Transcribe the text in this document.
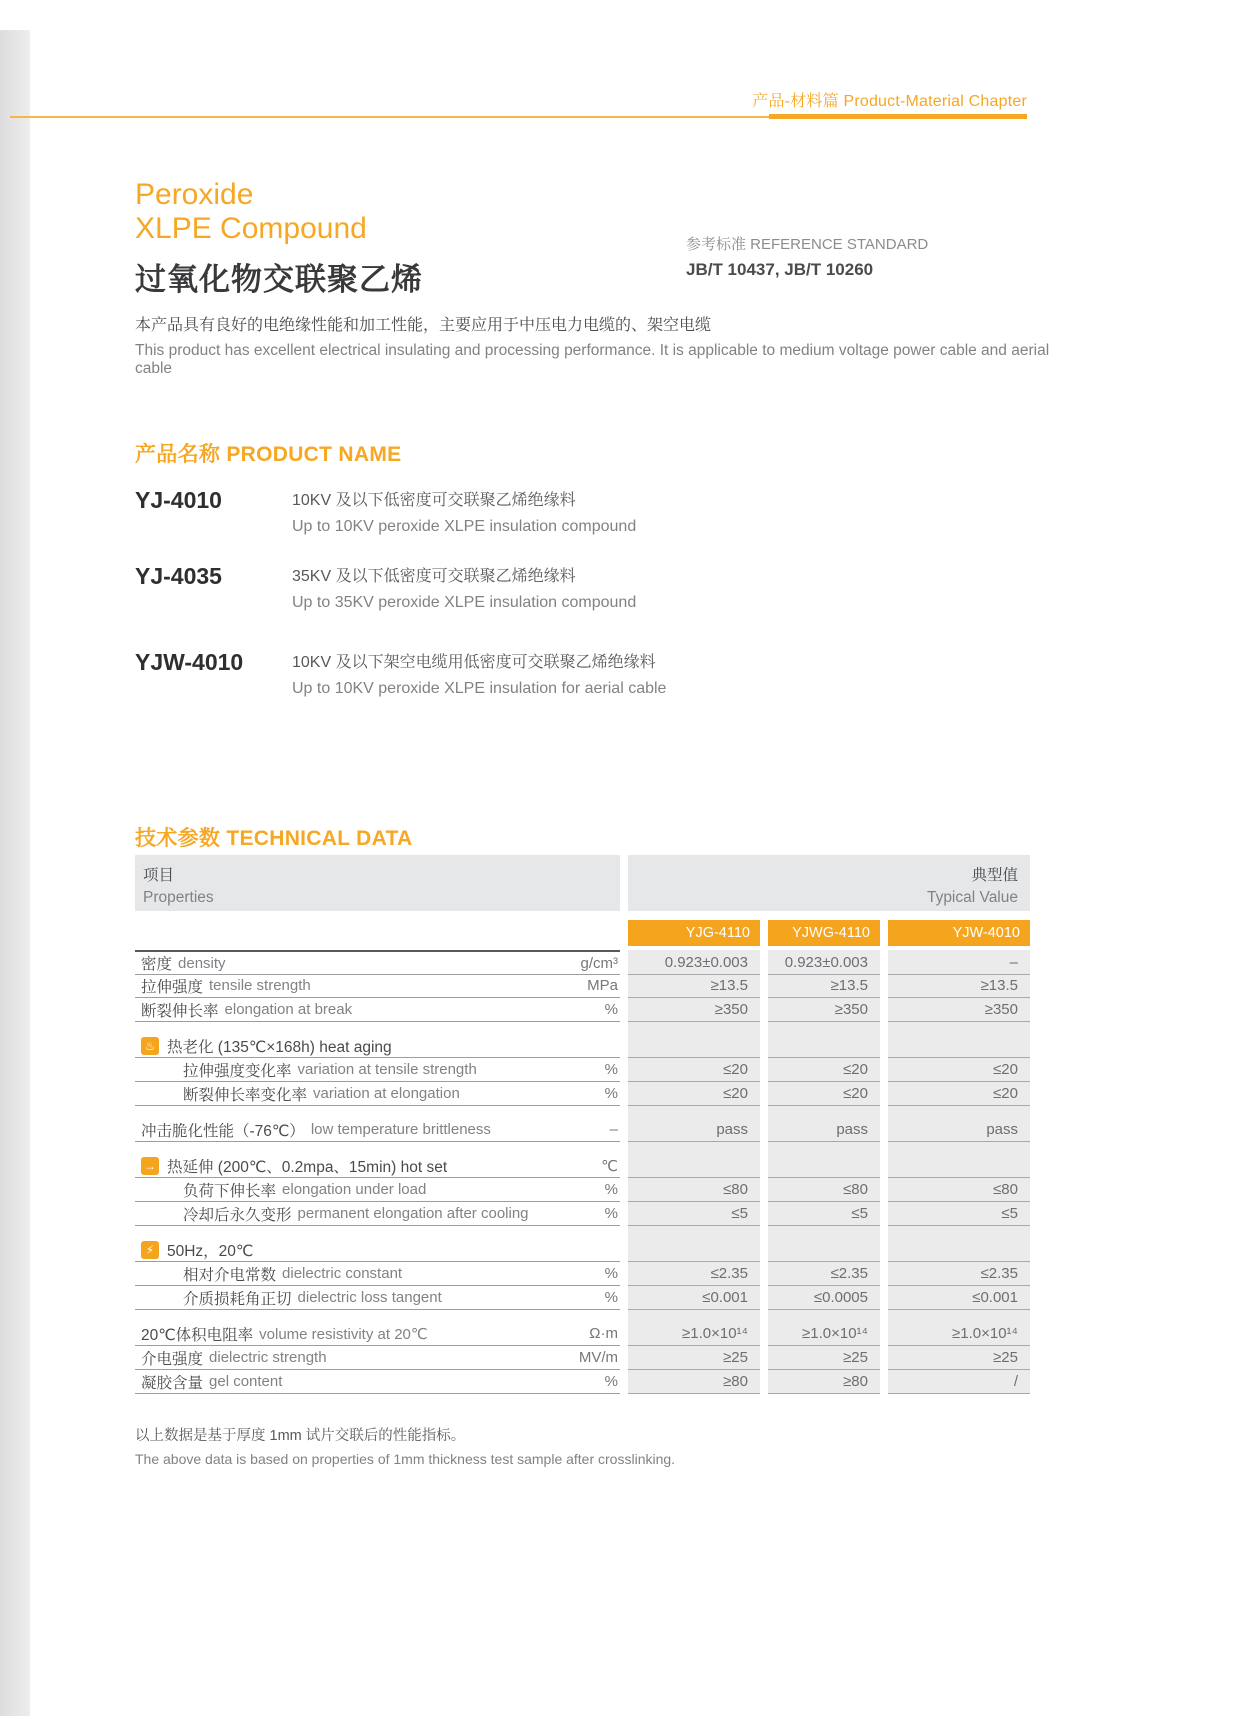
产品-材料篇 Product-Material Chapter
Peroxide
XLPE Compound
过氧化物交联聚乙烯
参考标准 REFERENCE STANDARD
JB/T 10437, JB/T 10260
本产品具有良好的电绝缘性能和加工性能，主要应用于中压电力电缆的、架空电缆
This product has excellent electrical insulating and processing performance. It is applicable to medium voltage power cable and aerial cable
产品名称 PRODUCT NAME
YJ-4010	10KV 及以下低密度可交联聚乙烯绝缘料
Up to 10KV peroxide XLPE insulation compound
YJ-4035	35KV 及以下低密度可交联聚乙烯绝缘料
Up to 35KV peroxide XLPE insulation compound
YJW-4010	10KV 及以下架空电缆用低密度可交联聚乙烯绝缘料
Up to 10KV peroxide XLPE insulation for aerial cable
技术参数 TECHNICAL DATA
项目
Properties
典型值
Typical Value
YJG-4110	YJWG-4110	YJW-4010
密度 density	g/cm³	0.923±0.003	0.923±0.003	–
拉伸强度 tensile strength	MPa	≥13.5	≥13.5	≥13.5
断裂伸长率 elongation at break	%	≥350	≥350	≥350
♨ 热老化 (135℃×168h) heat aging
拉伸强度变化率 variation at tensile strength	%	≤20	≤20	≤20
断裂伸长率变化率 variation at elongation	%	≤20	≤20	≤20
冲击脆化性能（-76℃） low temperature brittleness	–	pass	pass	pass
→ 热延伸 (200℃、0.2mpa、15min) hot set	℃
负荷下伸长率 elongation under load	%	≤80	≤80	≤80
冷却后永久变形 permanent elongation after cooling	%	≤5	≤5	≤5
⚡ 50Hz，20℃
相对介电常数 dielectric constant	%	≤2.35	≤2.35	≤2.35
介质损耗角正切 dielectric loss tangent	%	≤0.001	≤0.0005	≤0.001
20℃体积电阻率 volume resistivity at 20℃	Ω·m	≥1.0×10¹⁴	≥1.0×10¹⁴	≥1.0×10¹⁴
介电强度 dielectric strength	MV/m	≥25	≥25	≥25
凝胶含量 gel content	%	≥80	≥80	/
以上数据是基于厚度 1mm 试片交联后的性能指标。
The above data is based on properties of 1mm thickness test sample after crosslinking.
